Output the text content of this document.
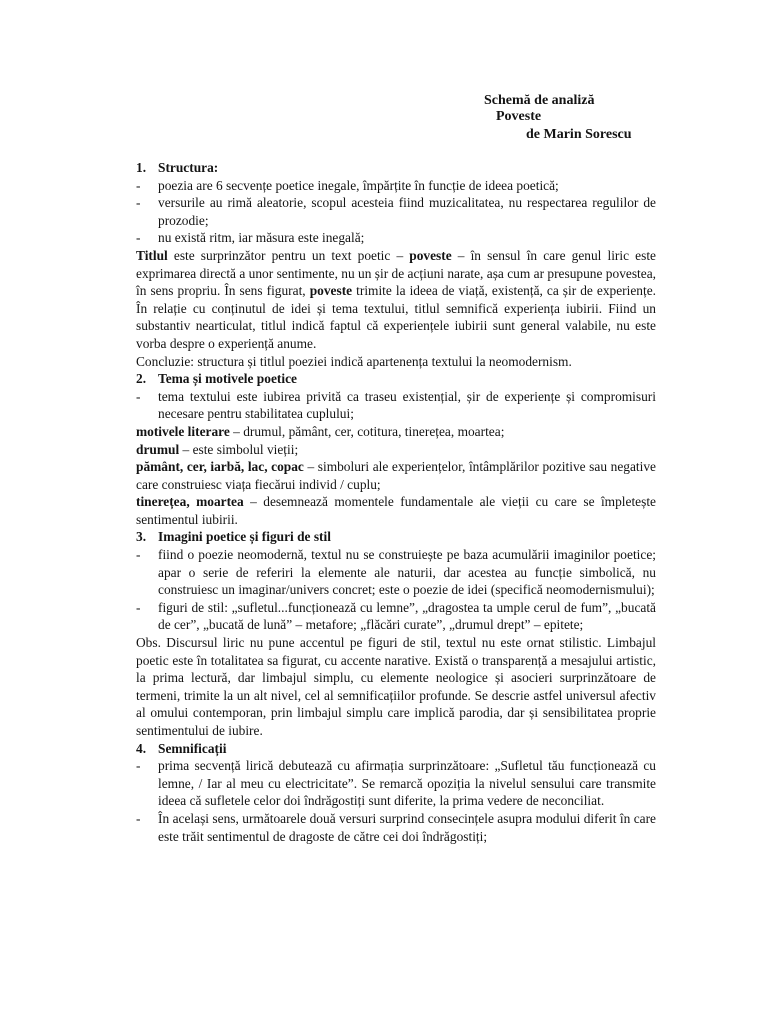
Schemă de analiză
Poveste
de Marin Sorescu
1. Structura:
-	poezia are 6 secvențe poetice inegale, împărțite în funcție de ideea poetică;
-	versurile au rimă aleatorie, scopul acesteia fiind muzicalitatea, nu respectarea regulilor de prozodie;
-	nu există ritm, iar măsura este inegală;

Titlul este surprinzător pentru un text poetic – poveste – în sensul în care genul liric este exprimarea directă a unor sentimente, nu un șir de acțiuni narate, așa cum ar presupune povestea, în sens propriu. În sens figurat, poveste trimite la ideea de viață, existență, ca șir de experiențe. În relație cu conținutul de idei și tema textului, titlul semnifică experiența iubirii. Fiind un substantiv nearticulat, titlul indică faptul că experiențele iubirii sunt general valabile, nu este vorba despre o experiență anume.

Concluzie: structura și titlul poeziei indică apartenența textului la neomodernism.

2. Tema și motivele poetice
-	tema textului este iubirea privită ca traseu existențial, șir de experiențe și compromisuri necesare pentru stabilitatea cuplului;

motivele literare – drumul, pământ, cer, cotitura, tinerețea, moartea;

drumul – este simbolul vieții;

pământ, cer, iarbă, lac, copac – simboluri ale experiențelor, întâmplărilor pozitive sau negative care construiesc viața fiecărui individ / cuplu;

tinerețea, moartea – desemnează momentele fundamentale ale vieții cu care se împletește sentimentul iubirii.

3. Imagini poetice și figuri de stil
-	fiind o poezie neomodernă, textul nu se construiește pe baza acumulării imaginilor poetice; apar o serie de referiri la elemente ale naturii, dar acestea au funcție simbolică, nu construiesc un imaginar/univers concret; este o poezie de idei (specifică neomodernismului);
-	figuri de stil: „sufletul...funcționează cu lemne”, „dragostea ta umple cerul de fum”, „bucată de cer”, „bucată de lună” – metafore; „flăcări curate”, „drumul drept” – epitete;

Obs. Discursul liric nu pune accentul pe figuri de stil, textul nu este ornat stilistic. Limbajul poetic este în totalitatea sa figurat, cu accente narative. Există o transparență a mesajului artistic, la prima lectură, dar limbajul simplu, cu elemente neologice și asocieri surprinzătoare de termeni, trimite la un alt nivel, cel al semnificațiilor profunde. Se descrie astfel universul afectiv al omului contemporan, prin limbajul simplu care implică parodia, dar și sensibilitatea proprie sentimentului de iubire.

4. Semnificații
-	prima secvență lirică debutează cu afirmația surprinzătoare: „Sufletul tău funcționează cu lemne, / Iar al meu cu electricitate”. Se remarcă opoziția la nivelul sensului care transmite ideea că sufletele celor doi îndrăgostiți sunt diferite, la prima vedere de neconciliat.
-	În același sens, următoarele două versuri surprind consecințele asupra modului diferit în care este trăit sentimentul de dragoste de către cei doi îndrăgostiți;
